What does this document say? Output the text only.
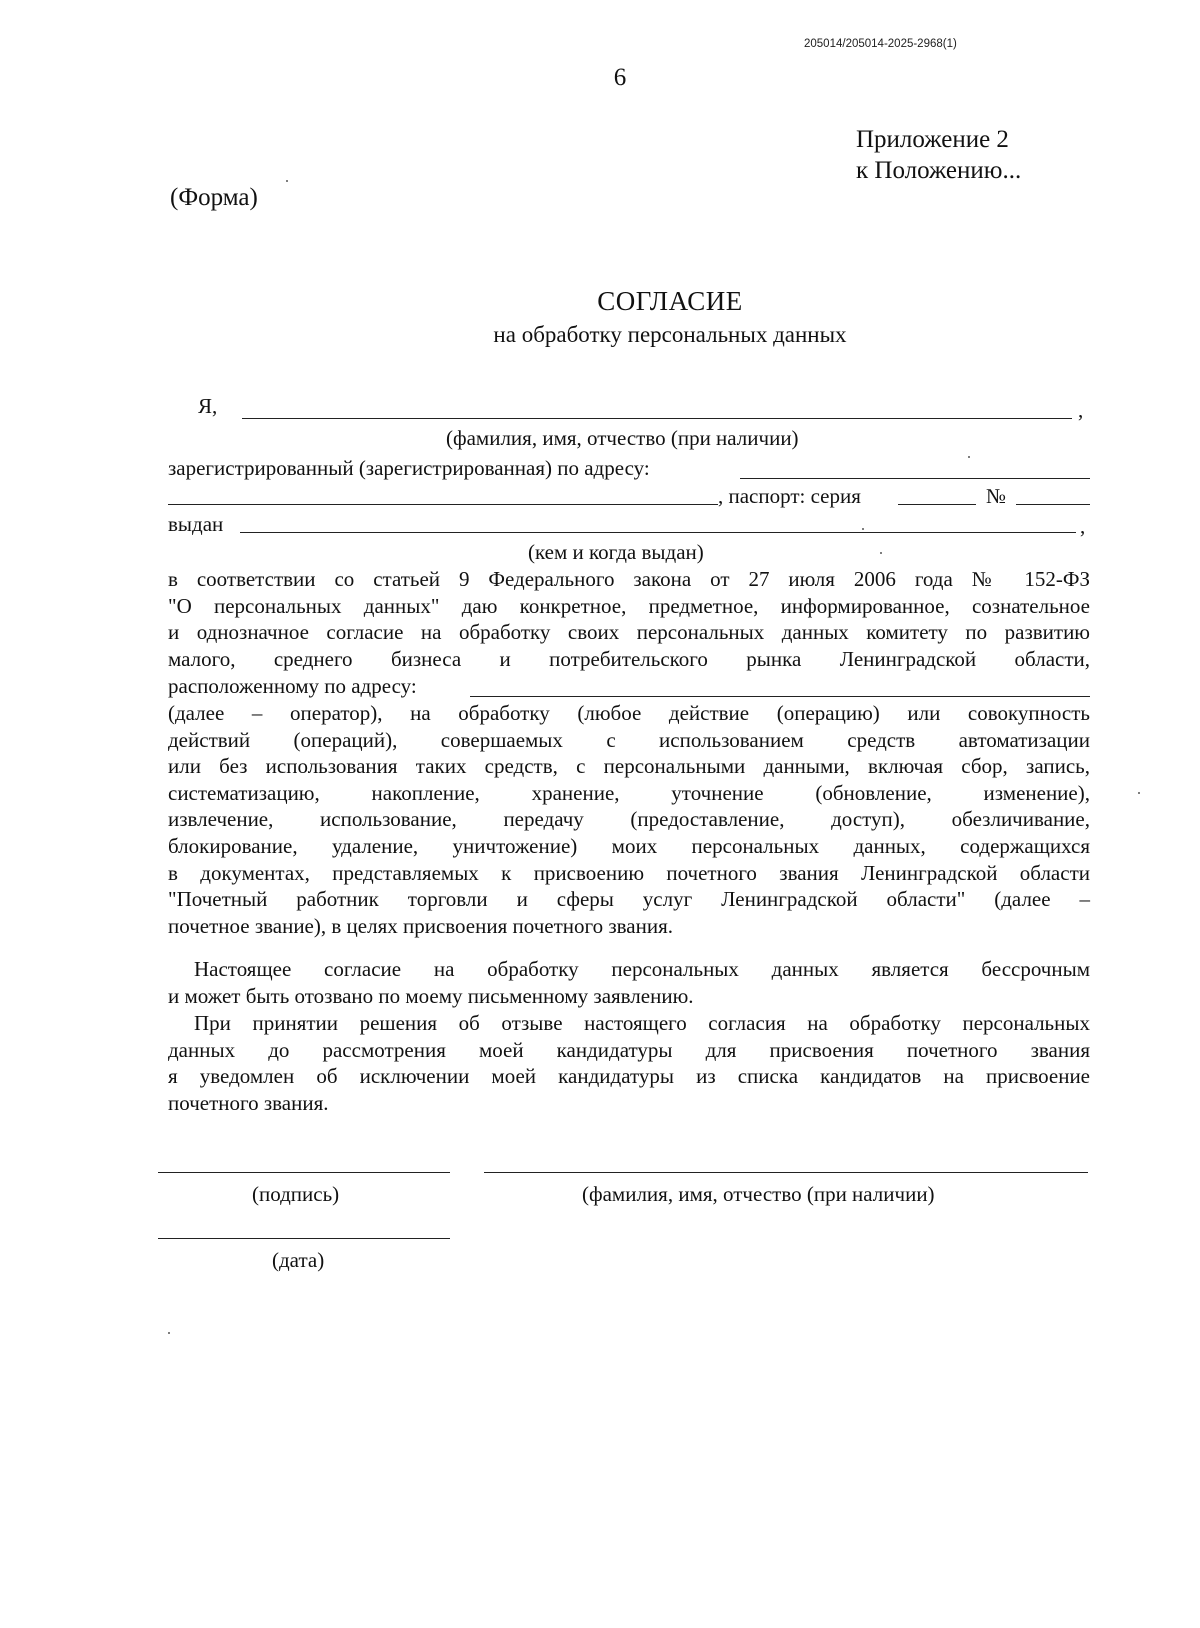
205014/205014-2025-2968(1)
6
Приложение 2
к Положению...
(Форма)
СОГЛАСИЕ
на обработку персональных данных
Я,	,
(фамилия, имя, отчество (при наличии)
зарегистрированный (зарегистрированная) по адресу:
, паспорт: серия	№
выдан	,
(кем и когда выдан)
в соответствии со статьей 9 Федерального закона от 27 июля 2006 года № 152-ФЗ
"О персональных данных" даю конкретное, предметное, информированное, сознательное
и однозначное согласие на обработку своих персональных данных комитету по развитию
малого, среднего бизнеса и потребительского рынка Ленинградской области,
расположенному по адресу:
(далее – оператор), на обработку (любое действие (операцию) или совокупность
действий (операций), совершаемых с использованием средств автоматизации
или без использования таких средств, с персональными данными, включая сбор, запись,
систематизацию, накопление, хранение, уточнение (обновление, изменение),
извлечение, использование, передачу (предоставление, доступ), обезличивание,
блокирование, удаление, уничтожение) моих персональных данных, содержащихся
в документах, представляемых к присвоению почетного звания Ленинградской области
"Почетный работник торговли и сферы услуг Ленинградской области" (далее –
почетное звание), в целях присвоения почетного звания.
Настоящее согласие на обработку персональных данных является бессрочным
и может быть отозвано по моему письменному заявлению.
При принятии решения об отзыве настоящего согласия на обработку персональных
данных до рассмотрения моей кандидатуры для присвоения почетного звания
я уведомлен об исключении моей кандидатуры из списка кандидатов на присвоение
почетного звания.
(подпись)	(фамилия, имя, отчество (при наличии)
(дата)
